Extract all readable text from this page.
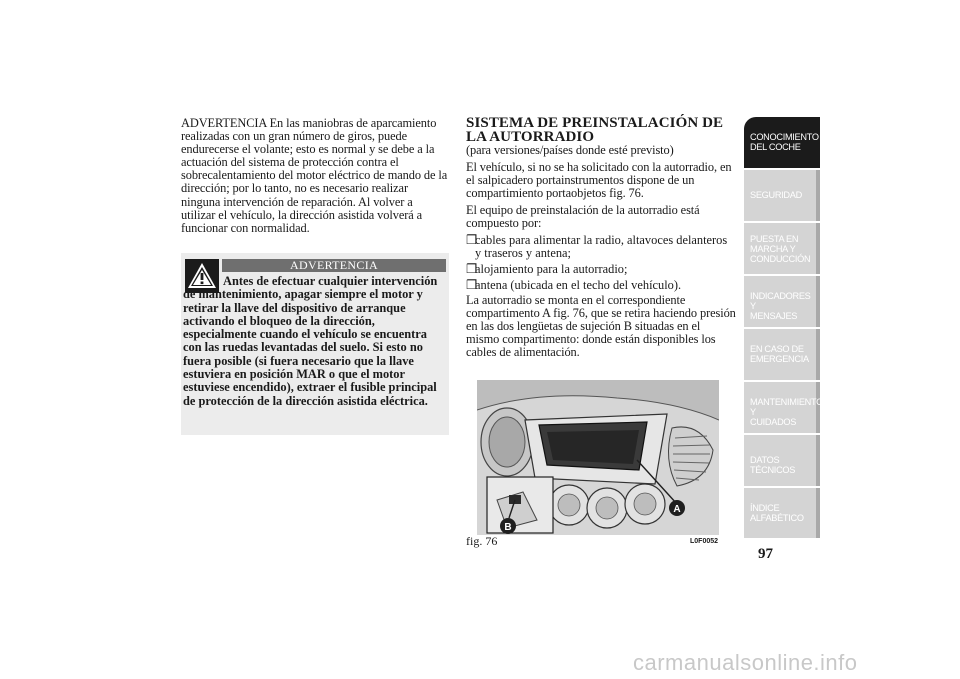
ADVERTENCIA En las maniobras de aparcamiento realizadas con un gran número de giros, puede endurecerse el volante; esto es normal y se debe a la actuación del sistema de protección contra el sobrecalentamiento del motor eléctrico de mando de la dirección; por lo tanto, no es necesario realizar ninguna intervención de reparación. Al volver a utilizar el vehículo, la dirección asistida volverá a funcionar con normalidad.

ADVERTENCIA

Antes de efectuar cualquier intervención de mantenimiento, apagar siempre el motor y retirar la llave del dispositivo de arranque activando el bloqueo de la dirección, especialmente cuando el vehículo se encuentra con las ruedas levantadas del suelo. Si esto no fuera posible (si fuera necesario que la llave estuviera en posición MAR o que el motor estuviese encendido), extraer el fusible principal de protección de la dirección asistida eléctrica.

SISTEMA DE PREINSTALACIÓN DE
LA AUTORRADIO

(para versiones/países donde esté previsto)

El vehículo, si no se ha solicitado con la autorradio, en el salpicadero portainstrumentos dispone de un compartimiento portaobjetos fig. 76.

El equipo de preinstalación de la autorradio está compuesto por:

❒
cables para alimentar la radio, altavoces delanteros y traseros y antena;
❒
alojamiento para la autorradio;
❒
antena (ubicada en el techo del vehículo).

La autorradio se monta en el correspondiente compartimento A fig. 76, que se retira haciendo presión en las dos lengüetas de sujeción B situadas en el mismo compartimento: donde están disponibles los cables de alimentación.

A
B
fig. 76	L0F0052
CONOCIMIENTO
DEL COCHE
SEGURIDAD
PUESTA EN
MARCHA Y
CONDUCCIÓN
INDICADORES Y
MENSAJES
EN CASO DE
EMERGENCIA
MANTENIMIENTO Y
CUIDADOS
DATOS TÉCNICOS
ÍNDICE
ALFABÉTICO
97
carmanualsonline.info
